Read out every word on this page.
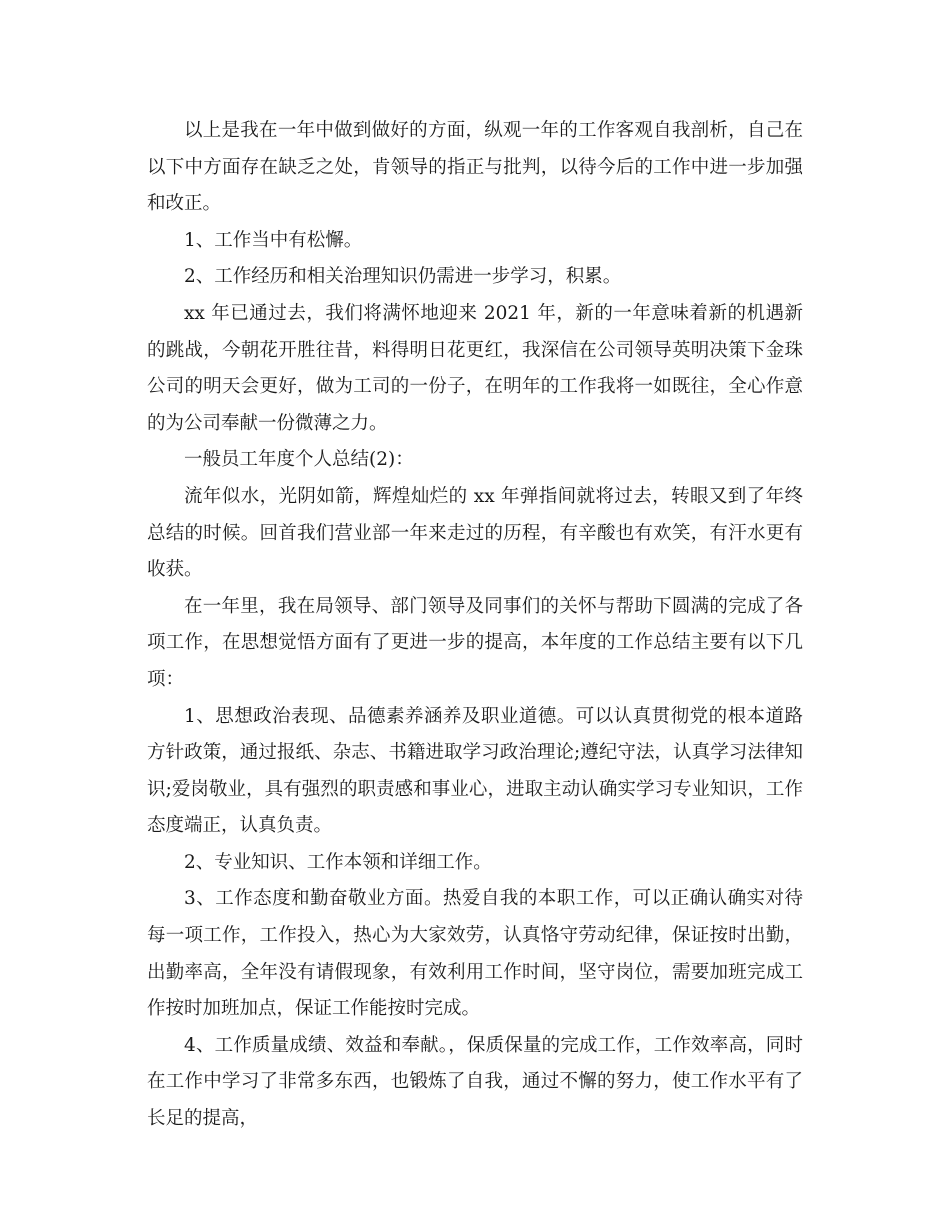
以上是我在一年中做到做好的方面，纵观一年的工作客观自我剖析，自己在以下中方面存在缺乏之处，肯领导的指正与批判，以待今后的工作中进一步加强和改正。

1、工作当中有松懈。

2、工作经历和相关治理知识仍需进一步学习，积累。

xx 年已通过去，我们将满怀地迎来 2021 年，新的一年意味着新的机遇新的跳战，今朝花开胜往昔，料得明日花更红，我深信在公司领导英明决策下金珠公司的明天会更好，做为工司的一份子，在明年的工作我将一如既往，全心作意的为公司奉献一份微薄之力。

一般员工年度个人总结(2)：

流年似水，光阴如箭，辉煌灿烂的 xx 年弹指间就将过去，转眼又到了年终总结的时候。回首我们营业部一年来走过的历程，有辛酸也有欢笑，有汗水更有收获。

在一年里，我在局领导、部门领导及同事们的关怀与帮助下圆满的完成了各项工作，在思想觉悟方面有了更进一步的提高，本年度的工作总结主要有以下几项：

1、思想政治表现、品德素养涵养及职业道德。可以认真贯彻党的根本道路方针政策，通过报纸、杂志、书籍进取学习政治理论;遵纪守法，认真学习法律知识;爱岗敬业，具有强烈的职责感和事业心，进取主动认确实学习专业知识，工作态度端正，认真负责。

2、专业知识、工作本领和详细工作。

3、工作态度和勤奋敬业方面。热爱自我的本职工作，可以正确认确实对待每一项工作，工作投入，热心为大家效劳，认真恪守劳动纪律，保证按时出勤，出勤率高，全年没有请假现象，有效利用工作时间，坚守岗位，需要加班完成工作按时加班加点，保证工作能按时完成。

4、工作质量成绩、效益和奉献。，保质保量的完成工作，工作效率高，同时在工作中学习了非常多东西，也锻炼了自我，通过不懈的努力，使工作水平有了长足的提高，
